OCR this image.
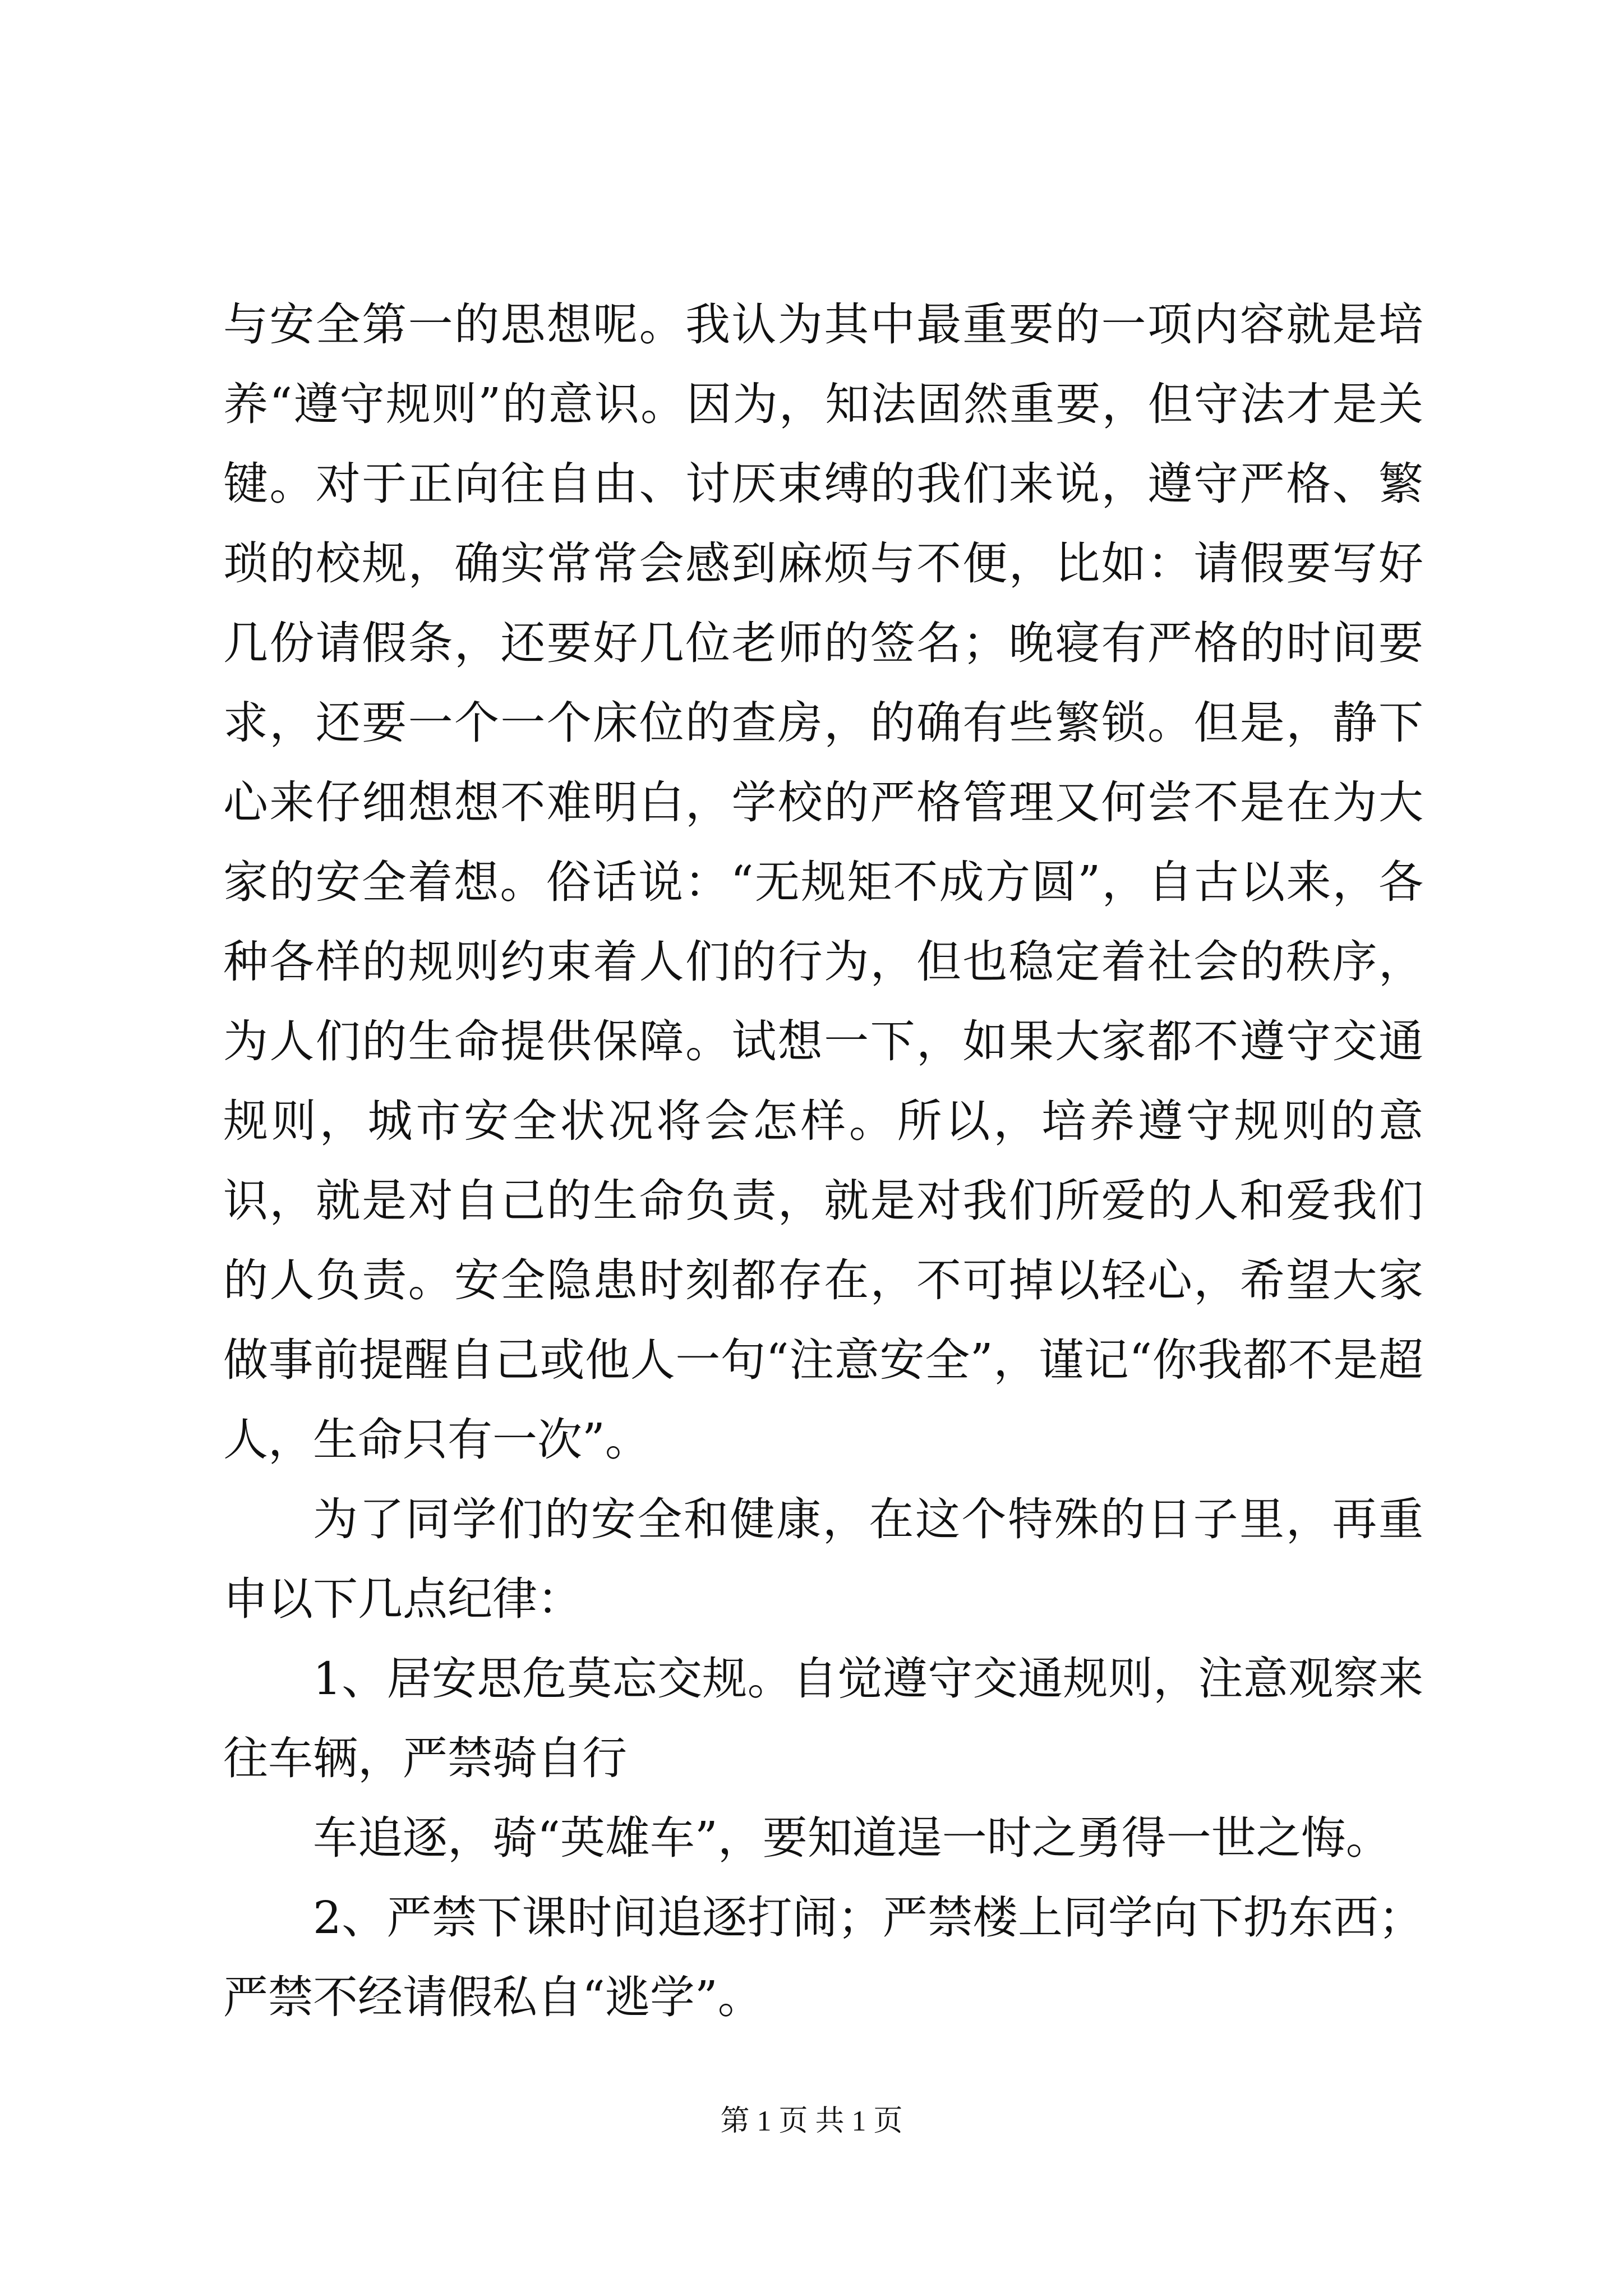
与安全第一的思想呢。我认为其中最重要的一项内容就是培养“遵守规则”的意识。因为，知法固然重要，但守法才是关键。对于正向往自由、讨厌束缚的我们来说，遵守严格、繁琐的校规，确实常常会感到麻烦与不便，比如：请假要写好几份请假条，还要好几位老师的签名；晚寝有严格的时间要求，还要一个一个床位的查房，的确有些繁锁。但是，静下心来仔细想想不难明白，学校的严格管理又何尝不是在为大家的安全着想。俗话说：“无规矩不成方圆”，自古以来，各种各样的规则约束着人们的行为，但也稳定着社会的秩序，为人们的生命提供保障。试想一下，如果大家都不遵守交通规则，城市安全状况将会怎样。所以，培养遵守规则的意识，就是对自己的生命负责，就是对我们所爱的人和爱我们的人负责。安全隐患时刻都存在，不可掉以轻心，希望大家做事前提醒自己或他人一句“注意安全”，谨记“你我都不是超人，生命只有一次”。

为了同学们的安全和健康，在这个特殊的日子里，再重申以下几点纪律：

1、居安思危莫忘交规。自觉遵守交通规则，注意观察来往车辆，严禁骑自行

车追逐，骑“英雄车”，要知道逞一时之勇得一世之悔。

2、严禁下课时间追逐打闹；严禁楼上同学向下扔东西；严禁不经请假私自“逃学”。

第 1 页 共 1 页
